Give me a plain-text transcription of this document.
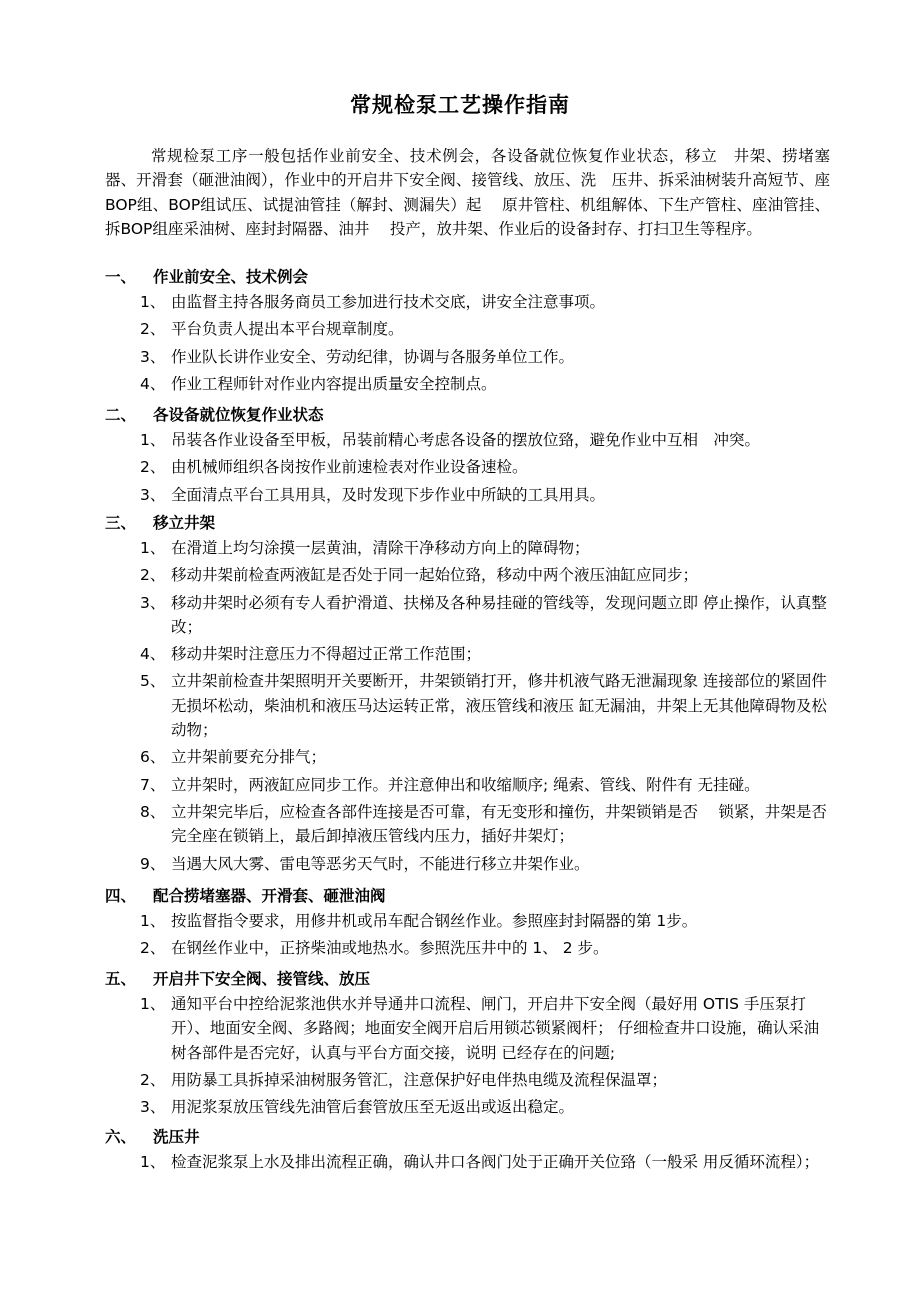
常规检泵工艺操作指南
常规检泵工序一般包括作业前安全、技术例会，各设备就位恢复作业状态，移立　井架、捞堵塞器、开滑套（砸泄油阀），作业中的开启井下安全阀、接管线、放压、洗　压井、拆采油树装升高短节、座BOP组、BOP组试压、试提油管挂（解封、测漏失）起　 原井管柱、机组解体、下生产管柱、座油管挂、拆BOP组座采油树、座封封隔器、油井　 投产，放井架、作业后的设备封存、打扫卫生等程序。
一、 作业前安全、技术例会
1、 由监督主持各服务商员工参加进行技术交底，讲安全注意事项。
2、 平台负责人提出本平台规章制度。
3、 作业队长讲作业安全、劳动纪律，协调与各服务单位工作。
4、 作业工程师针对作业内容提出质量安全控制点。
二、 各设备就位恢复作业状态
1、 吊装各作业设备至甲板，吊装前精心考虑各设备的摆放位臵，避免作业中互相　冲突。
2、 由机械师组织各岗按作业前速检表对作业设备速检。
3、 全面清点平台工具用具，及时发现下步作业中所缺的工具用具。
三、 移立井架
1、 在滑道上均匀涂摸一层黄油，清除干净移动方向上的障碍物；
2、 移动井架前检查两液缸是否处于同一起始位臵，移动中两个液压油缸应同步；
3、 移动井架时必须有专人看护滑道、扶梯及各种易挂碰的管线等，发现问题立即 停止操作，认真整改；
4、 移动井架时注意压力不得超过正常工作范围；
5、 立井架前检查井架照明开关要断开，井架锁销打开，修井机液气路无泄漏现象 连接部位的紧固件无损坏松动，柴油机和液压马达运转正常，液压管线和液压 缸无漏油，井架上无其他障碍物及松动物；
6、 立井架前要充分排气；
7、 立井架时，两液缸应同步工作。并注意伸出和收缩顺序; 绳索、管线、附件有 无挂碰。
8、 立井架完毕后，应检查各部件连接是否可靠，有无变形和撞伤，井架锁销是否　 锁紧，井架是否完全座在锁销上，最后卸掉液压管线内压力，插好井架灯；
9、 当遇大风大雾、雷电等恶劣天气时，不能进行移立井架作业。
四、 配合捞堵塞器、开滑套、砸泄油阀
1、 按监督指令要求，用修井机或吊车配合钢丝作业。参照座封封隔器的第 1步。
2、 在钢丝作业中，正挤柴油或地热水。参照洗压井中的 1、 2 步。
五、 开启井下安全阀、接管线、放压
1、 通知平台中控给泥浆池供水并导通井口流程、闸门，开启井下安全阀（最好用 OTIS 手压泵打开）、地面安全阀、多路阀；地面安全阀开启后用锁芯锁紧阀杆； 仔细检查井口设施，确认采油树各部件是否完好，认真与平台方面交接，说明 已经存在的问题;
2、 用防暴工具拆掉采油树服务管汇，注意保护好电伴热电缆及流程保温罩；
3、 用泥浆泵放压管线先油管后套管放压至无返出或返出稳定。
六、 洗压井
1、 检查泥浆泵上水及排出流程正确，确认井口各阀门处于正确开关位臵（一般采 用反循环流程）；
